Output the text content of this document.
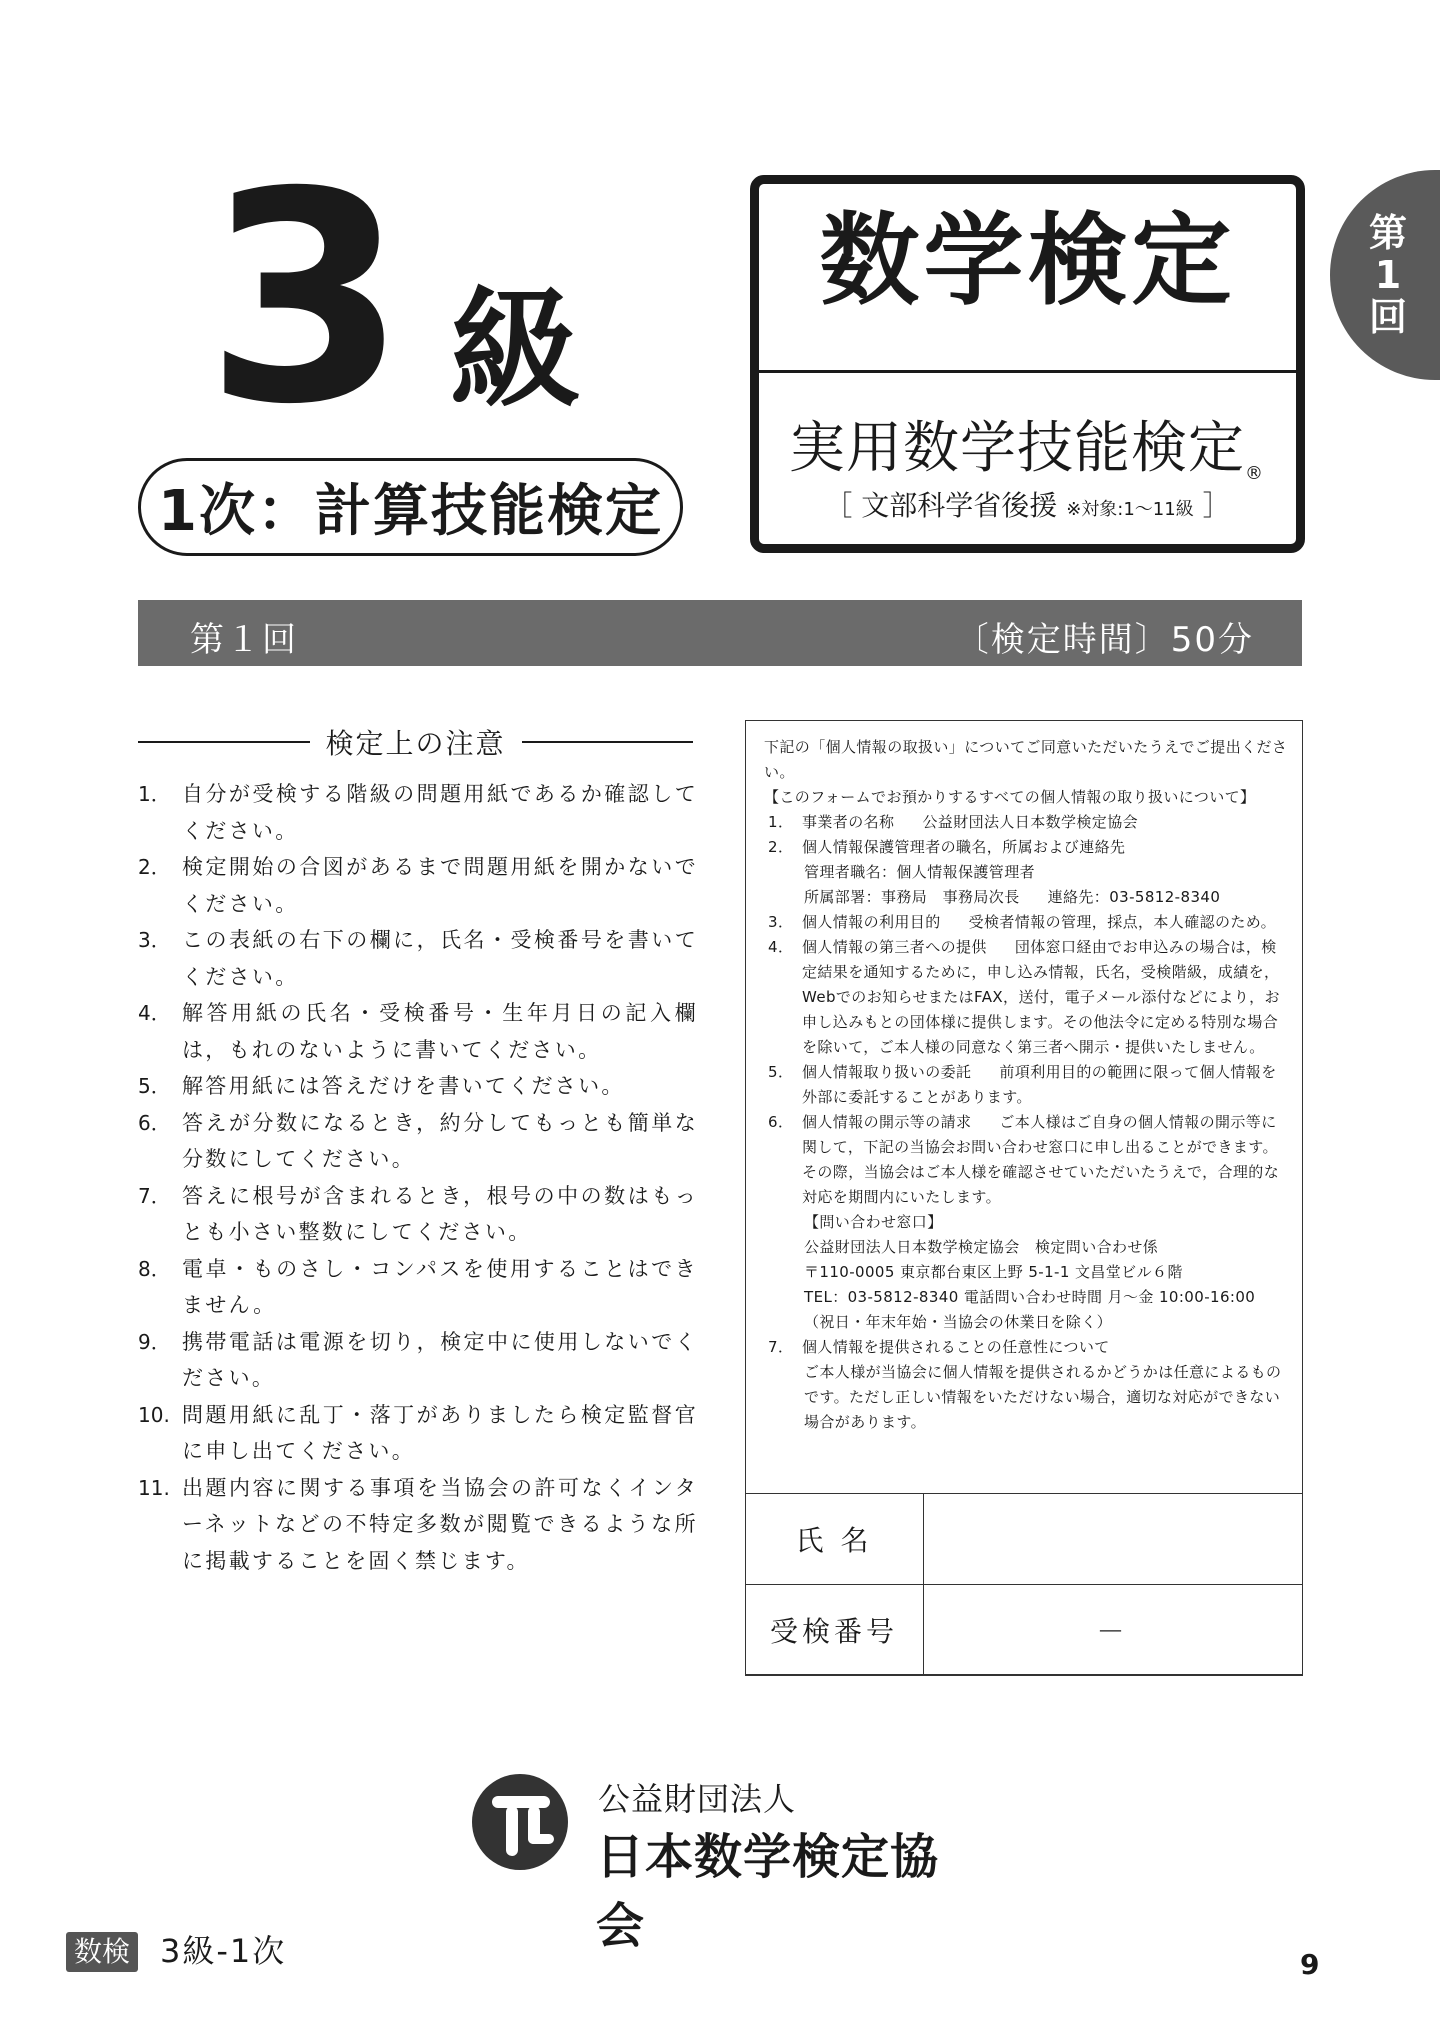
3 級
1次：計算技能検定
数学検定
実用数学技能検定®
［ 文部科学省後援 ※対象:1〜11級 ］
第1回
第１回	〔検定時間〕50分
検定上の注意
1． 自分が受検する階級の問題用紙であるか確認してください。
2． 検定開始の合図があるまで問題用紙を開かないでください。
3． この表紙の右下の欄に，氏名・受検番号を書いてください。
4． 解答用紙の氏名・受検番号・生年月日の記入欄は，もれのないように書いてください。
5． 解答用紙には答えだけを書いてください。
6． 答えが分数になるとき，約分してもっとも簡単な分数にしてください。
7． 答えに根号が含まれるとき，根号の中の数はもっとも小さい整数にしてください。
8． 電卓・ものさし・コンパスを使用することはできません。
9． 携帯電話は電源を切り，検定中に使用しないでください。
10. 問題用紙に乱丁・落丁がありましたら検定監督官に申し出てください。
11. 出題内容に関する事項を当協会の許可なくインターネットなどの不特定多数が閲覧できるような所に掲載することを固く禁じます。

下記の「個人情報の取扱い」についてご同意いただいたうえでご提出ください。

【このフォームでお預かりするすべての個人情報の取り扱いについて】

1． 事業者の名称 公益財団法人日本数学検定協会

2． 個人情報保護管理者の職名，所属および連絡先

管理者職名：個人情報保護管理者

所属部署：事務局　事務局次長 連絡先：03-5812-8340

3． 個人情報の利用目的 受検者情報の管理，採点，本人確認のため。

4． 個人情報の第三者への提供 団体窓口経由でお申込みの場合は，検定結果を通知するために，申し込み情報，氏名，受検階級，成績を，Webでのお知らせまたはFAX，送付，電子メール添付などにより，お申し込みもとの団体様に提供します。その他法令に定める特別な場合を除いて，ご本人様の同意なく第三者へ開示・提供いたしません。

5． 個人情報取り扱いの委託 前項利用目的の範囲に限って個人情報を外部に委託することがあります。

6． 個人情報の開示等の請求 ご本人様はご自身の個人情報の開示等に関して，下記の当協会お問い合わせ窓口に申し出ることができます。その際，当協会はご本人様を確認させていただいたうえで，合理的な対応を期間内にいたします。

【問い合わせ窓口】

公益財団法人日本数学検定協会　検定問い合わせ係

〒110-0005 東京都台東区上野 5-1-1 文昌堂ビル６階

TEL：03-5812-8340 電話問い合わせ時間 月〜金 10:00-16:00

（祝日・年末年始・当協会の休業日を除く）

7． 個人情報を提供されることの任意性について

ご本人様が当協会に個人情報を提供されるかどうかは任意によるものです。ただし正しい情報をいただけない場合，適切な対応ができない場合があります。

氏 名	
受検番号	－
公益財団法人
日本数学検定協会
数検 3級-1次	9
